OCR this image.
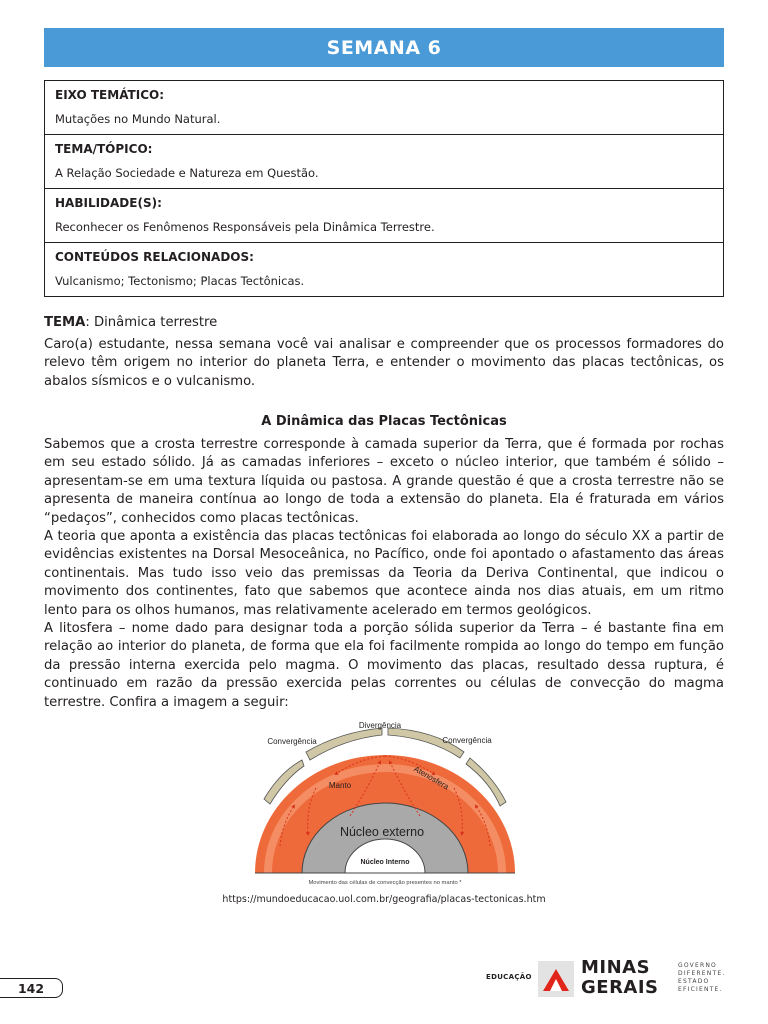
SEMANA 6
EIXO TEMÁTICO:
Mutações no Mundo Natural.
TEMA/TÓPICO:
A Relação Sociedade e Natureza em Questão.
HABILIDADE(S):
Reconhecer os Fenômenos Responsáveis pela Dinâmica Terrestre.
CONTEÚDOS RELACIONADOS:
Vulcanismo; Tectonismo; Placas Tectônicas.

TEMA: Dinâmica terrestre

Caro(a) estudante, nessa semana você vai analisar e compreender que os processos formadores do relevo têm origem no interior do planeta Terra, e entender o movimento das placas tectônicas, os abalos sísmicos e o vulcanismo.

A Dinâmica das Placas Tectônicas

Sabemos que a crosta terrestre corresponde à camada superior da Terra, que é formada por rochas em seu estado sólido. Já as camadas inferiores – exceto o núcleo interior, que também é sólido – apresentam-se em uma textura líquida ou pastosa. A grande questão é que a crosta terrestre não se apresenta de maneira contínua ao longo de toda a extensão do planeta. Ela é fraturada em vários “pedaços”, conhecidos como placas tectônicas.

A teoria que aponta a existência das placas tectônicas foi elaborada ao longo do século XX a partir de evidências existentes na Dorsal Mesoceânica, no Pacífico, onde foi apontado o afastamento das áreas continentais. Mas tudo isso veio das premissas da Teoria da Deriva Continental, que indicou o movimento dos continentes, fato que sabemos que acontece ainda nos dias atuais, em um ritmo lento para os olhos humanos, mas relativamente acelerado em termos geológicos.

A litosfera – nome dado para designar toda a porção sólida superior da Terra – é bastante fina em relação ao interior do planeta, de forma que ela foi facilmente rompida ao longo do tempo em função da pressão interna exercida pelo magma. O movimento das placas, resultado dessa ruptura, é continuado em razão da pressão exercida pelas correntes ou células de convecção do magma terrestre. Confira a imagem a seguir:

Divergência
Convergência	Convergência
Manto	Atenosfera
Núcleo externo
Núcleo Interno
Movimento das células de convecção presentes no manto *
https://mundoeducacao.uol.com.br/geografia/placas-tectonicas.htm
142
EDUCAÇÃO	MINAS
GERAIS
GOVERNO
DIFERENTE.
ESTADO
EFICIENTE.
